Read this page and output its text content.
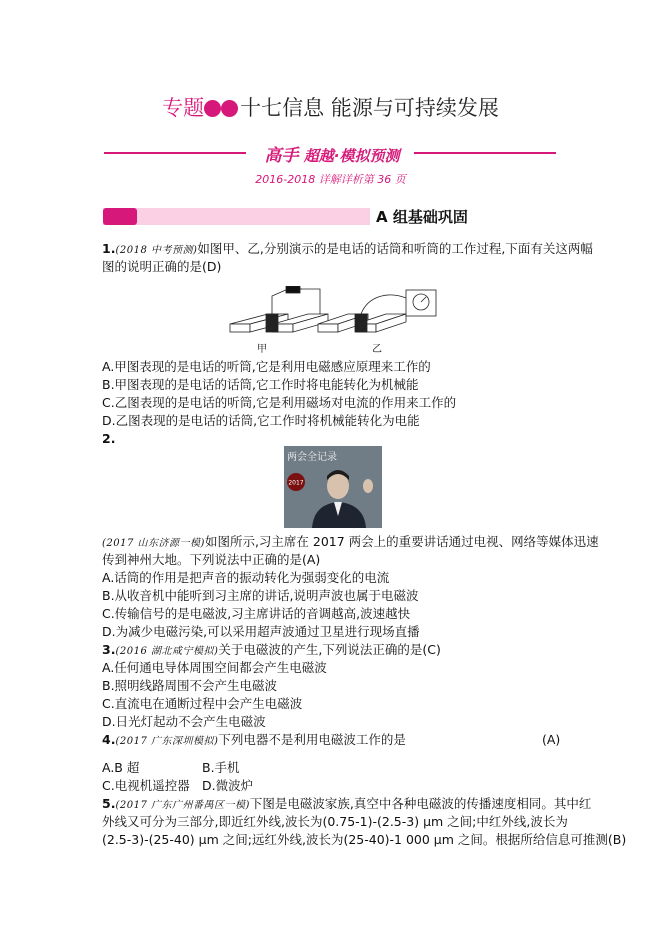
专题 十七信息 能源与可持续发展
高手 超越·模拟预测
2016-2018 详解详析第 36 页
A 组基础巩固
1.(2018 中考预测)如图甲、乙,分别演示的是电话的话筒和听筒的工作过程,下面有关这两幅
图的说明正确的是(D)
甲	乙
A.甲图表现的是电话的听筒,它是利用电磁感应原理来工作的
B.甲图表现的是电话的话筒,它工作时将电能转化为机械能
C.乙图表现的是电话的听筒,它是利用磁场对电流的作用来工作的
D.乙图表现的是电话的话筒,它工作时将机械能转化为电能
2.
2017
两会全记录
(2017 山东济源一模)如图所示,习主席在 2017 两会上的重要讲话通过电视、网络等媒体迅速
传到神州大地。下列说法中正确的是(A)
A.话筒的作用是把声音的振动转化为强弱变化的电流
B.从收音机中能听到习主席的讲话,说明声波也属于电磁波
C.传输信号的是电磁波,习主席讲话的音调越高,波速越快
D.为减少电磁污染,可以采用超声波通过卫星进行现场直播
3.(2016 湖北咸宁模拟)关于电磁波的产生,下列说法正确的是(C)
A.任何通电导体周围空间都会产生电磁波
B.照明线路周围不会产生电磁波
C.直流电在通断过程中会产生电磁波
D.日光灯起动不会产生电磁波
4.(2017 广东深圳模拟)下列电器不是利用电磁波工作的是	(A)
A.B 超	B.手机
C.电视机遥控器 D.微波炉
5.(2017 广东广州番禺区一模)下图是电磁波家族,真空中各种电磁波的传播速度相同。其中红
外线又可分为三部分,即近红外线,波长为(0.75-1)-(2.5-3) μm 之间;中红外线,波长为
(2.5-3)-(25-40) μm 之间;远红外线,波长为(25-40)-1 000 μm 之间。根据所给信息可推测(B)
